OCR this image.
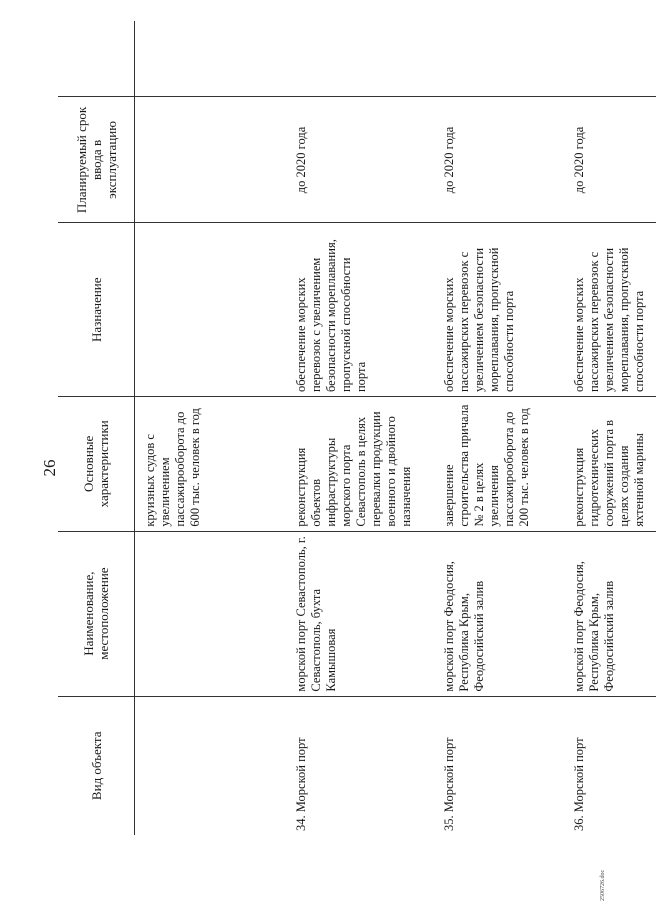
26
Вид объекта	Наименование, местоположение	Основные характеристики	Назначение	Планируемый срок ввода в эксплуатацию	
		круизных судов с увеличением пассажирооборота до 600 тыс. человек в год			
34. Морской порт	морской порт Севастополь, г. Севастополь, бухта Камышовая	реконструкция объектов инфраструктуры морского порта Севастополь в целях перевалки продукции военного и двойного назначения	обеспечение морских перевозок с увеличением безопасности мореплавания, пропускной способности порта	до 2020 года	
35. Морской порт	морской порт Феодосия, Республика Крым, Феодосийский залив	завершение строительства причала № 2 в целях увеличения пассажирооборота до 200 тыс. человек в год	обеспечение морских пассажирских перевозок с увеличением безопасности мореплавания, пропускной способности порта	до 2020 года	
36. Морской порт	морской порт Феодосия, Республика Крым, Феодосийский залив	реконструкция гидротехнических сооружений порта в целях создания яхтенной марины	обеспечение морских пассажирских перевозок с увеличением безопасности мореплавания, пропускной способности порта	до 2020 года	
2506726.doc
